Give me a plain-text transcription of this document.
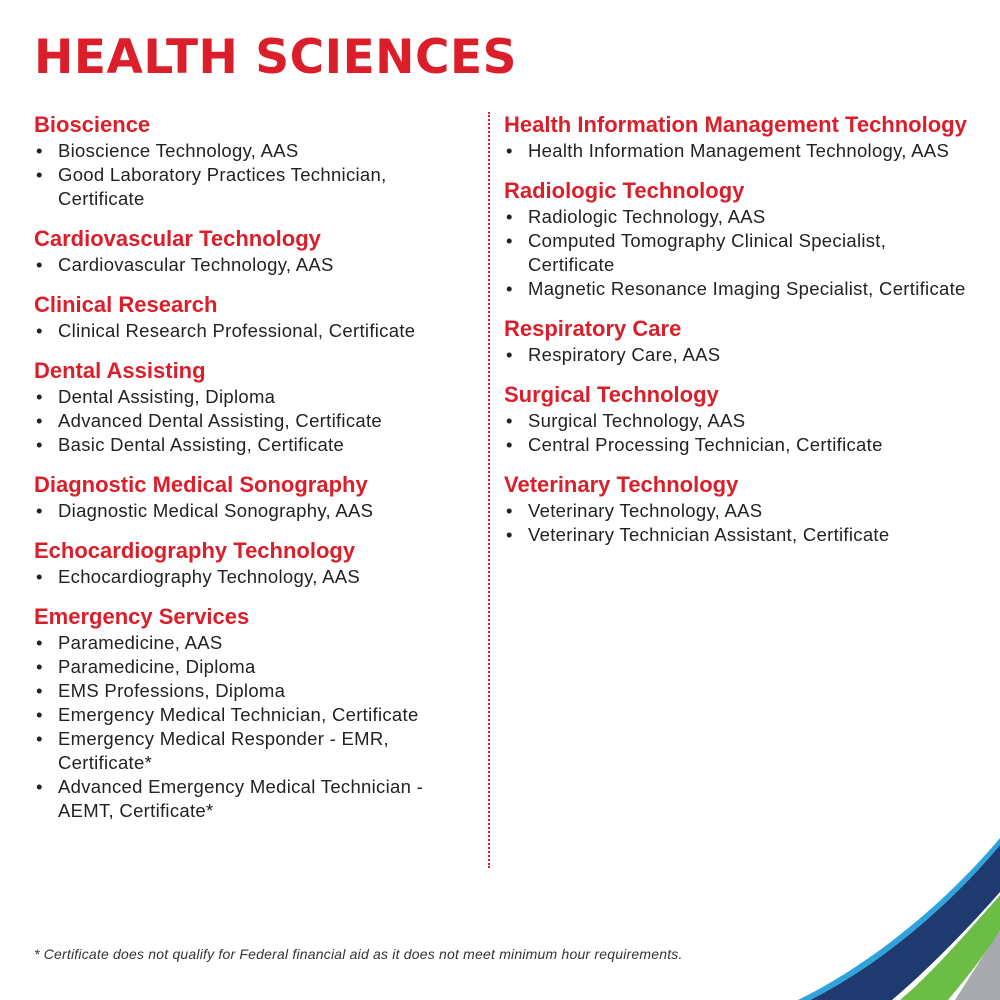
HEALTH SCIENCES
Bioscience
• Bioscience Technology, AAS
• Good Laboratory Practices Technician, Certificate
Cardiovascular Technology
• Cardiovascular Technology, AAS
Clinical Research
• Clinical Research Professional, Certificate
Dental Assisting
• Dental Assisting, Diploma
• Advanced Dental Assisting, Certificate
• Basic Dental Assisting, Certificate
Diagnostic Medical Sonography
• Diagnostic Medical Sonography, AAS
Echocardiography Technology
• Echocardiography Technology, AAS
Emergency Services
• Paramedicine, AAS
• Paramedicine, Diploma
• EMS Professions, Diploma
• Emergency Medical Technician, Certificate
• Emergency Medical Responder - EMR, Certificate*
• Advanced Emergency Medical Technician - AEMT, Certificate*
Health Information Management Technology
• Health Information Management Technology, AAS
Radiologic Technology
• Radiologic Technology, AAS
• Computed Tomography Clinical Specialist, Certificate
• Magnetic Resonance Imaging Specialist, Certificate
Respiratory Care
• Respiratory Care, AAS
Surgical Technology
• Surgical Technology, AAS
• Central Processing Technician, Certificate
Veterinary Technology
• Veterinary Technology, AAS
• Veterinary Technician Assistant, Certificate

* Certificate does not qualify for Federal financial aid as it does not meet minimum hour requirements.
